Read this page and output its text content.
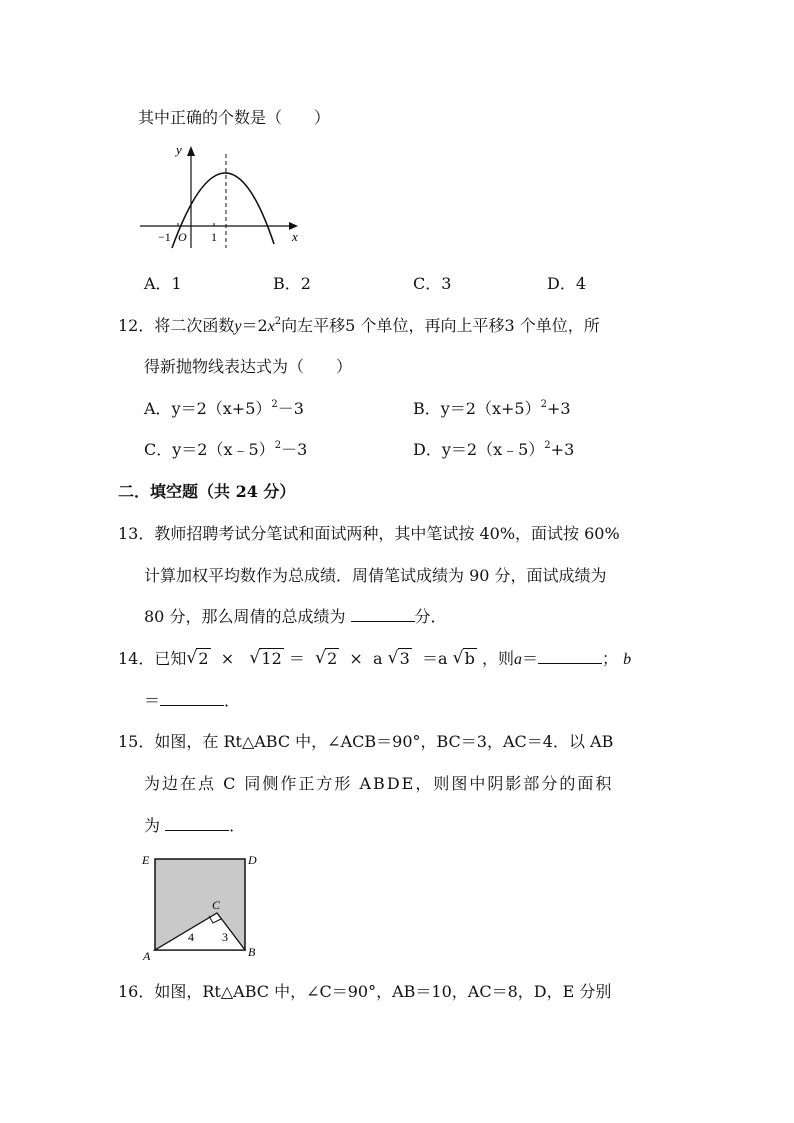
其中正确的个数是（　　）
y
x
−1 O 1
A．1	B．2	C．3	D．4
12．将二次函数$y=2x^2$向左平移5 个单位，再向上平移3 个单位，所
得新抛物线表达式为（　　）
A．$y=2(x+5)^2-3$	B．$y=2(x+5)^2+3$
C．y＝2（x﹣5）$^2$－3	D．y＝2（x﹣5）$^2$+3
二．填空题（共 24 分）
13．教师招聘考试分笔试和面试两种，其中笔试按 40%，面试按 60%
计算加权平均数作为总成绩．周倩笔试成绩为 90 分，面试成绩为
80 分，那么周倩的总成绩为	分．
14．已知 √ 2 × √ 12 ＝ √ 2 × a √ 3 ＝a √ b ，则a＝	； b
＝	．
15．如图，在 Rt△ABC 中，∠ACB＝90°，BC＝3，AC＝4．以 AB
为边在点 C 同侧作正方形 ABDE，则图中阴影部分的面积
为	．
E	D
C
A	B
4 3
16．如图，Rt△ABC 中，∠C＝90°，AB＝10，AC＝8，D，E 分别
